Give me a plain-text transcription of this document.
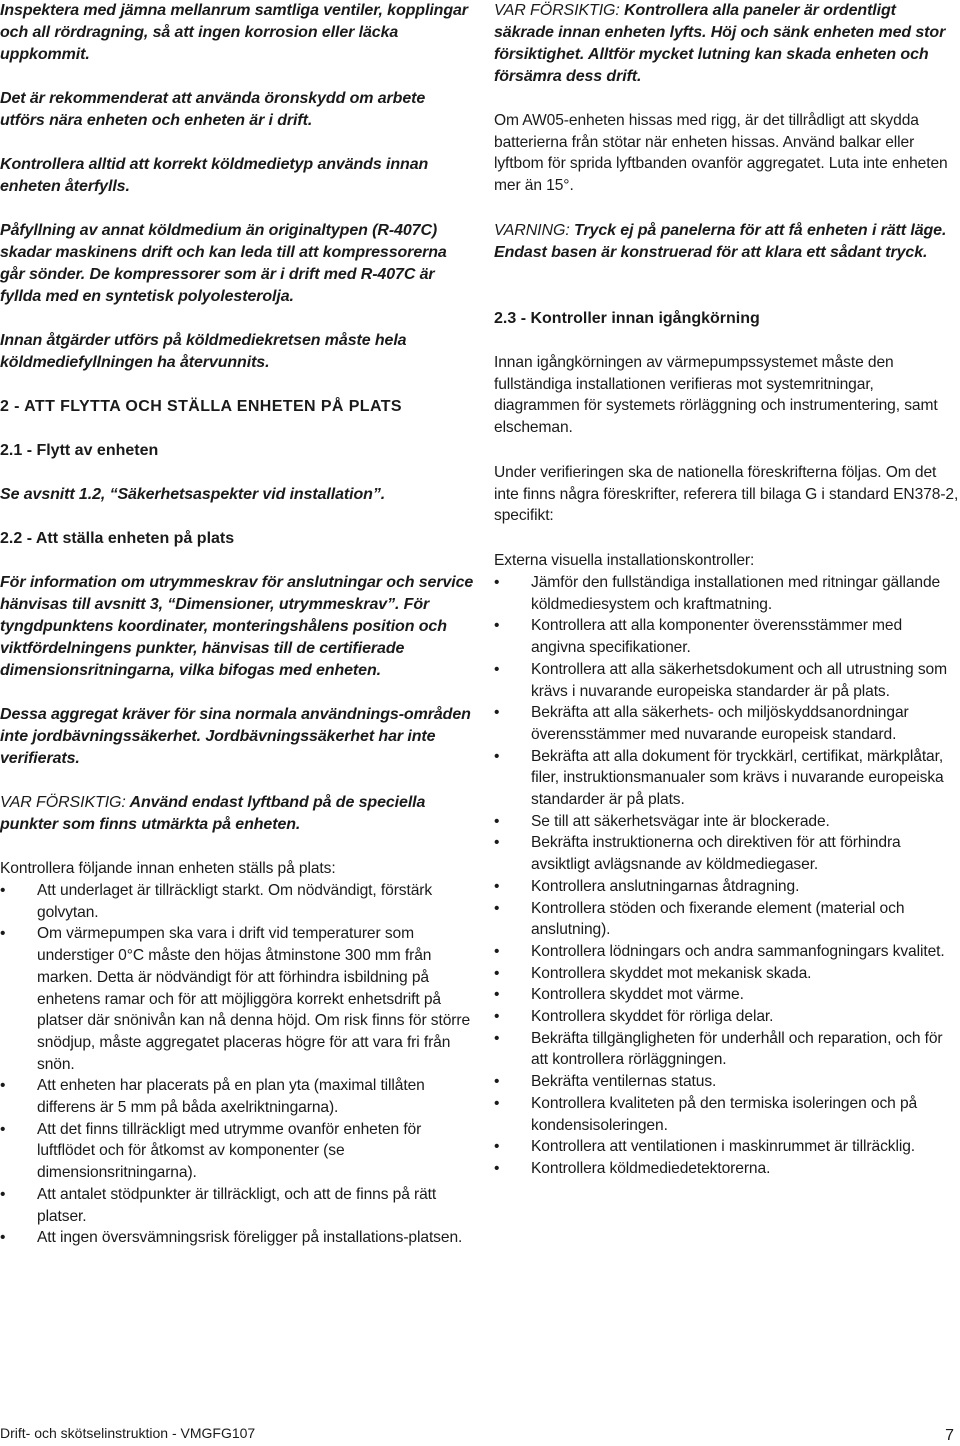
Inspektera med jämna mellanrum samtliga ventiler, kopplingar och all rördragning, så att ingen korrosion eller läcka uppkommit.

Det är rekommenderat att använda öronskydd om arbete utförs nära enheten och enheten är i drift.

Kontrollera alltid att korrekt köldmedietyp används innan enheten återfylls.

Påfyllning av annat köldmedium än originaltypen (R-407C) skadar maskinens drift och kan leda till att kompressorerna går sönder. De kompressorer som är i drift med R-407C är fyllda med en syntetisk polyolesterolja.

Innan åtgärder utförs på köldmediekretsen måste hela köldmediefyllningen ha återvunnits.

2 - ATT FLYTTA OCH STÄLLA ENHETEN PÅ PLATS
2.1 - Flytt av enheten

Se avsnitt 1.2, “Säkerhetsaspekter vid installation”.

2.2 - Att ställa enheten på plats

För information om utrymmeskrav för anslutningar och service hänvisas till avsnitt 3, “Dimensioner, utrymmeskrav”. För tyngdpunktens koordinater, monteringshålens position och viktfördelningens punkter, hänvisas till de certifierade dimensionsritningarna, vilka bifogas med enheten.

Dessa aggregat kräver för sina normala användnings-områden inte jordbävningssäkerhet. Jordbävningssäkerhet har inte verifierats.

VAR FÖRSIKTIG: Använd endast lyftband på de speciella punkter som finns utmärkta på enheten.

Kontrollera följande innan enheten ställs på plats:

• Att underlaget är tillräckligt starkt. Om nödvändigt, förstärk golvytan.
• Om värmepumpen ska vara i drift vid temperaturer som understiger 0°C måste den höjas åtminstone 300 mm från marken. Detta är nödvändigt för att förhindra isbildning på enhetens ramar och för att möjliggöra korrekt enhetsdrift på platser där snönivån kan nå denna höjd. Om risk finns för större snödjup, måste aggregatet placeras högre för att vara fri från snön.
• Att enheten har placerats på en plan yta (maximal tillåten differens är 5 mm på båda axelriktningarna).
• Att det finns tillräckligt med utrymme ovanför enheten för luftflödet och för åtkomst av komponenter (se dimensionsritningarna).
• Att antalet stödpunkter är tillräckligt, och att de finns på rätt platser.
• Att ingen översvämningsrisk föreligger på installations-platsen.

VAR FÖRSIKTIG: Kontrollera alla paneler är ordentligt säkrade innan enheten lyfts. Höj och sänk enheten med stor försiktighet. Alltför mycket lutning kan skada enheten och försämra dess drift.

Om AW05-enheten hissas med rigg, är det tillrådligt att skydda batterierna från stötar när enheten hissas. Använd balkar eller lyftbom för sprida lyftbanden ovanför aggregatet. Luta inte enheten mer än 15°.

VARNING: Tryck ej på panelerna för att få enheten i rätt läge. Endast basen är konstruerad för att klara ett sådant tryck.

2.3 - Kontroller innan igångkörning

Innan igångkörningen av värmepumpssystemet måste den fullständiga installationen verifieras mot systemritningar, diagrammen för systemets rörläggning och instrumentering, samt elscheman.

Under verifieringen ska de nationella föreskrifterna följas. Om det inte finns några föreskrifter, referera till bilaga G i standard EN378-2, specifikt:

Externa visuella installationskontroller:

• Jämför den fullständiga installationen med ritningar gällande köldmediesystem och kraftmatning.
• Kontrollera att alla komponenter överensstämmer med angivna specifikationer.
• Kontrollera att alla säkerhetsdokument och all utrustning som krävs i nuvarande europeiska standarder är på plats.
• Bekräfta att alla säkerhets- och miljöskyddsanordningar överensstämmer med nuvarande europeisk standard.
• Bekräfta att alla dokument för tryckkärl, certifikat, märkplåtar, filer, instruktionsmanualer som krävs i nuvarande europeiska standarder är på plats.
• Se till att säkerhetsvägar inte är blockerade.
• Bekräfta instruktionerna och direktiven för att förhindra avsiktligt avlägsnande av köldmediegaser.
• Kontrollera anslutningarnas åtdragning.
• Kontrollera stöden och fixerande element (material och anslutning).
• Kontrollera lödningars och andra sammanfogningars kvalitet.
• Kontrollera skyddet mot mekanisk skada.
• Kontrollera skyddet mot värme.
• Kontrollera skyddet för rörliga delar.
• Bekräfta tillgängligheten för underhåll och reparation, och för att kontrollera rörläggningen.
• Bekräfta ventilernas status.
• Kontrollera kvaliteten på den termiska isoleringen och på kondensisoleringen.
• Kontrollera att ventilationen i maskinrummet är tillräcklig.
• Kontrollera köldmediedetektorerna.
Drift- och skötselinstruktion - VMGFG107	7
